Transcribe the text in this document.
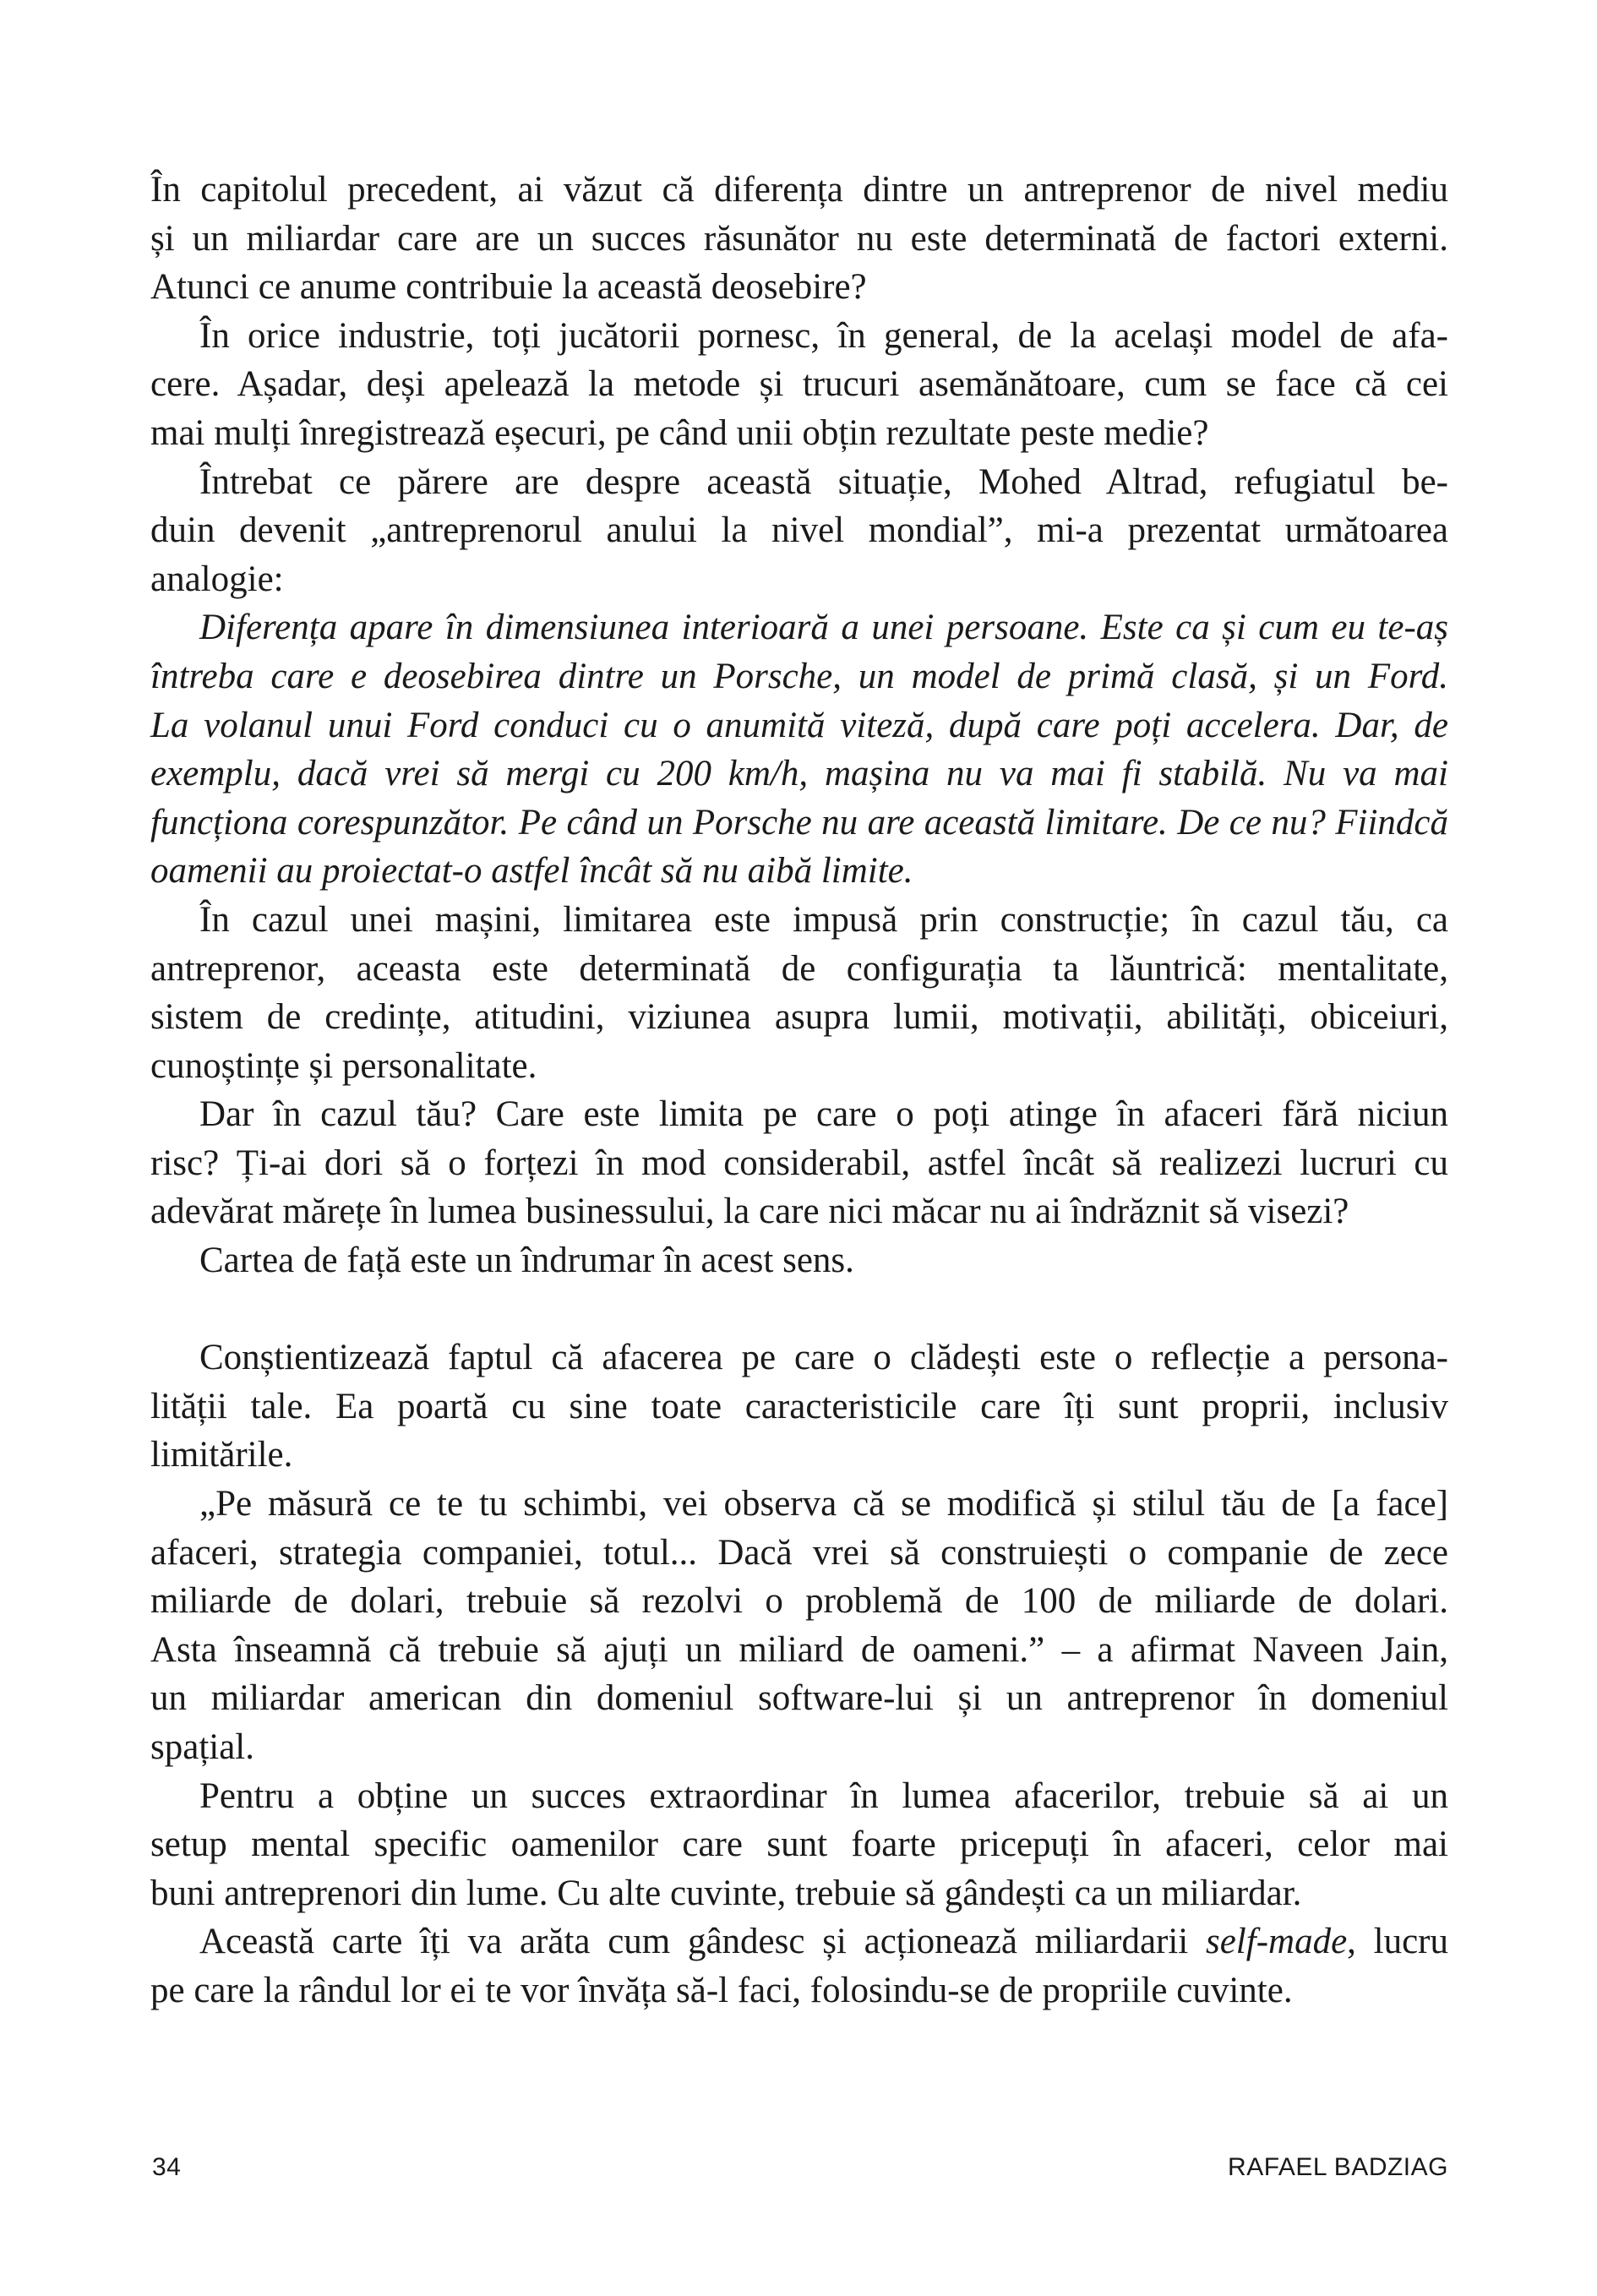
În capitolul precedent, ai văzut că diferența dintre un antreprenor de nivel mediu
și un miliardar care are un succes răsunător nu este determinată de factori externi.
Atunci ce anume contribuie la această deosebire?
În orice industrie, toți jucătorii pornesc, în general, de la același model de afa-
cere. Așadar, deși apelează la metode și trucuri asemănătoare, cum se face că cei
mai mulți înregistrează eșecuri, pe când unii obțin rezultate peste medie?
Întrebat ce părere are despre această situație, Mohed Altrad, refugiatul be-
duin devenit „antreprenorul anului la nivel mondial”, mi-a prezentat următoarea
analogie:
Diferența apare în dimensiunea interioară a unei persoane. Este ca și cum eu te-aș
întreba care e deosebirea dintre un Porsche, un model de primă clasă, și un Ford.
La volanul unui Ford conduci cu o anumită viteză, după care poți accelera. Dar, de
exemplu, dacă vrei să mergi cu 200 km/h, mașina nu va mai fi stabilă. Nu va mai
funcționa corespunzător. Pe când un Porsche nu are această limitare. De ce nu? Fiindcă
oamenii au proiectat-o astfel încât să nu aibă limite.
În cazul unei mașini, limitarea este impusă prin construcție; în cazul tău, ca
antreprenor, aceasta este determinată de configurația ta lăuntrică: mentalitate,
sistem de credințe, atitudini, viziunea asupra lumii, motivații, abilități, obiceiuri,
cunoștințe și personalitate.
Dar în cazul tău? Care este limita pe care o poți atinge în afaceri fără niciun
risc? Ți-ai dori să o forțezi în mod considerabil, astfel încât să realizezi lucruri cu
adevărat mărețe în lumea businessului, la care nici măcar nu ai îndrăznit să visezi?
Cartea de față este un îndrumar în acest sens.
Conștientizează faptul că afacerea pe care o clădești este o reflecție a persona-
lității tale. Ea poartă cu sine toate caracteristicile care îți sunt proprii, inclusiv
limitările.
„Pe măsură ce te tu schimbi, vei observa că se modifică și stilul tău de [a face]
afaceri, strategia companiei, totul... Dacă vrei să construiești o companie de zece
miliarde de dolari, trebuie să rezolvi o problemă de 100 de miliarde de dolari.
Asta înseamnă că trebuie să ajuți un miliard de oameni.” – a afirmat Naveen Jain,
un miliardar american din domeniul software-lui și un antreprenor în domeniul
spațial.
Pentru a obține un succes extraordinar în lumea afacerilor, trebuie să ai un
setup mental specific oamenilor care sunt foarte pricepuți în afaceri, celor mai
buni antreprenori din lume. Cu alte cuvinte, trebuie să gândești ca un miliardar.
Această carte îți va arăta cum gândesc și acționează miliardarii self-made, lucru
pe care la rândul lor ei te vor învăța să-l faci, folosindu-se de propriile cuvinte.
34	RAFAEL BADZIAG
